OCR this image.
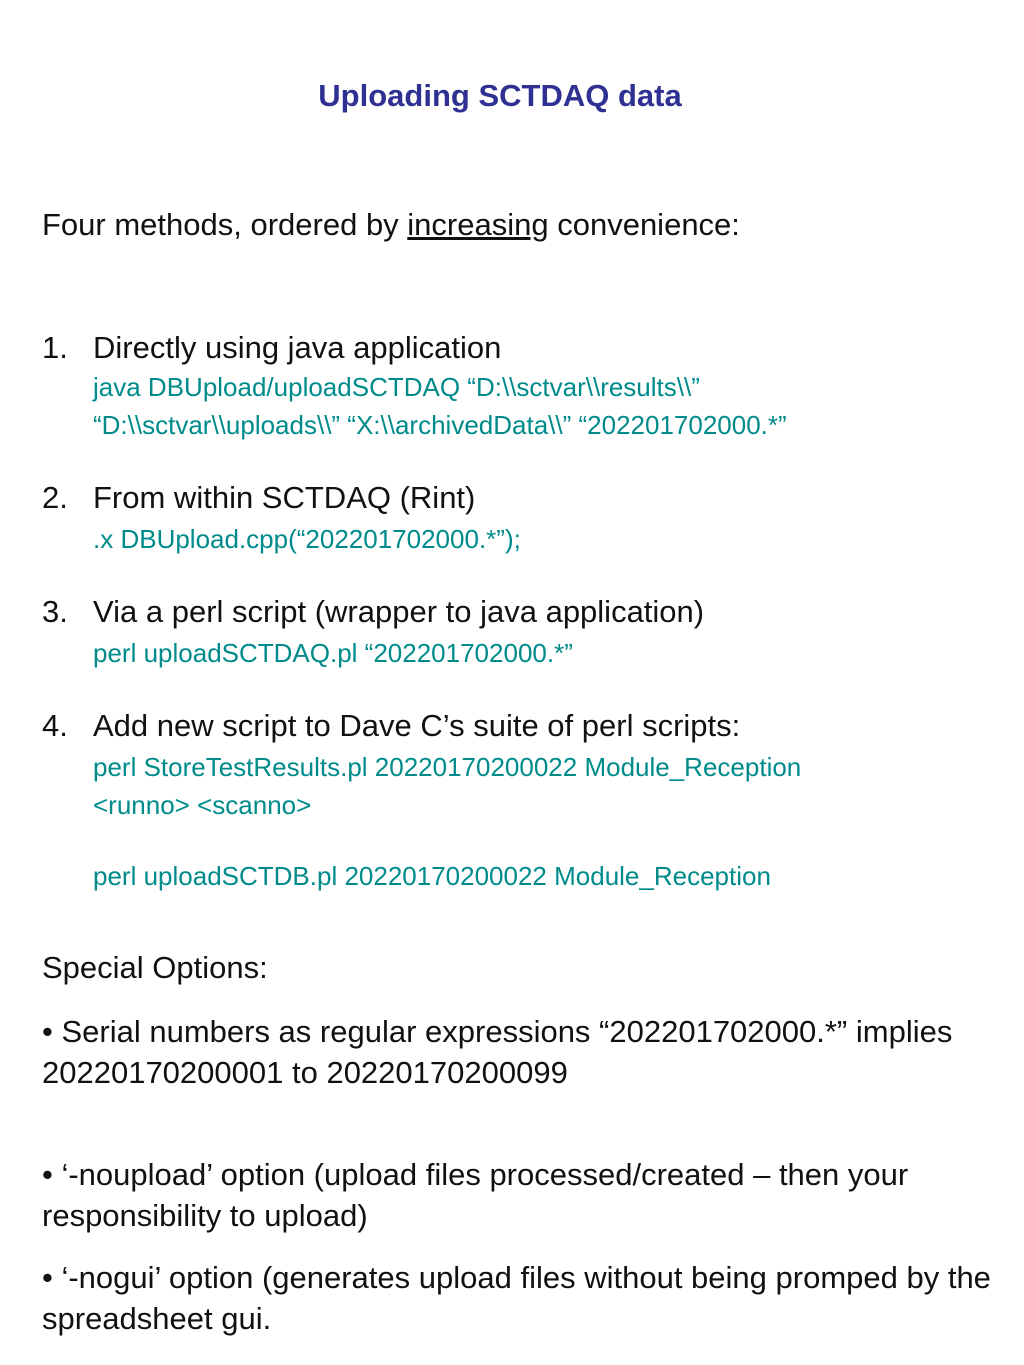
Uploading SCTDAQ data

Four methods, ordered by increasing convenience:

1. Directly using java application
java DBUpload/uploadSCTDAQ “D:\\sctvar\\results\\”
“D:\\sctvar\\uploads\\” “X:\\archivedData\\” “202201702000.*”
2. From within SCTDAQ (Rint)
.x DBUpload.cpp(“202201702000.*”);
3. Via a perl script (wrapper to java application)
perl uploadSCTDAQ.pl “202201702000.*”
4. Add new script to Dave C’s suite of perl scripts:
perl StoreTestResults.pl 20220170200022 Module_Reception
<runno> <scanno>
perl uploadSCTDB.pl 20220170200022 Module_Reception

Special Options:

• Serial numbers as regular expressions “202201702000.*” implies 20220170200001 to 20220170200099

• ‘-noupload’ option (upload files processed/created – then your responsibility to upload)

• ‘-nogui’ option (generates upload files without being promped by the spreadsheet gui.
